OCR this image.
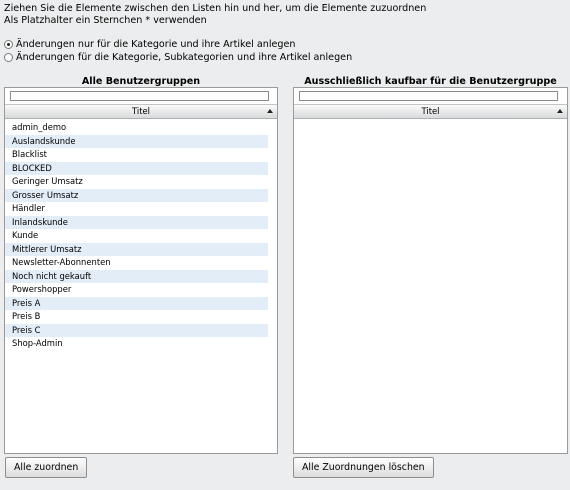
Ziehen Sie die Elemente zwischen den Listen hin und her, um die Elemente zuzuordnen
Als Platzhalter ein Sternchen * verwenden
Änderungen nur für die Kategorie und ihre Artikel anlegen
Änderungen für die Kategorie, Subkategorien und ihre Artikel anlegen
Alle Benutzergruppen	Ausschließlich kaufbar für die Benutzergruppe
Titel
admin_demo
Auslandskunde
Blacklist
BLOCKED
Geringer Umsatz
Grosser Umsatz
Händler
Inlandskunde
Kunde
Mittlerer Umsatz
Newsletter-Abonnenten
Noch nicht gekauft
Powershopper
Preis A
Preis B
Preis C
Shop-Admin
Titel
Alle zuordnen	Alle Zuordnungen löschen
